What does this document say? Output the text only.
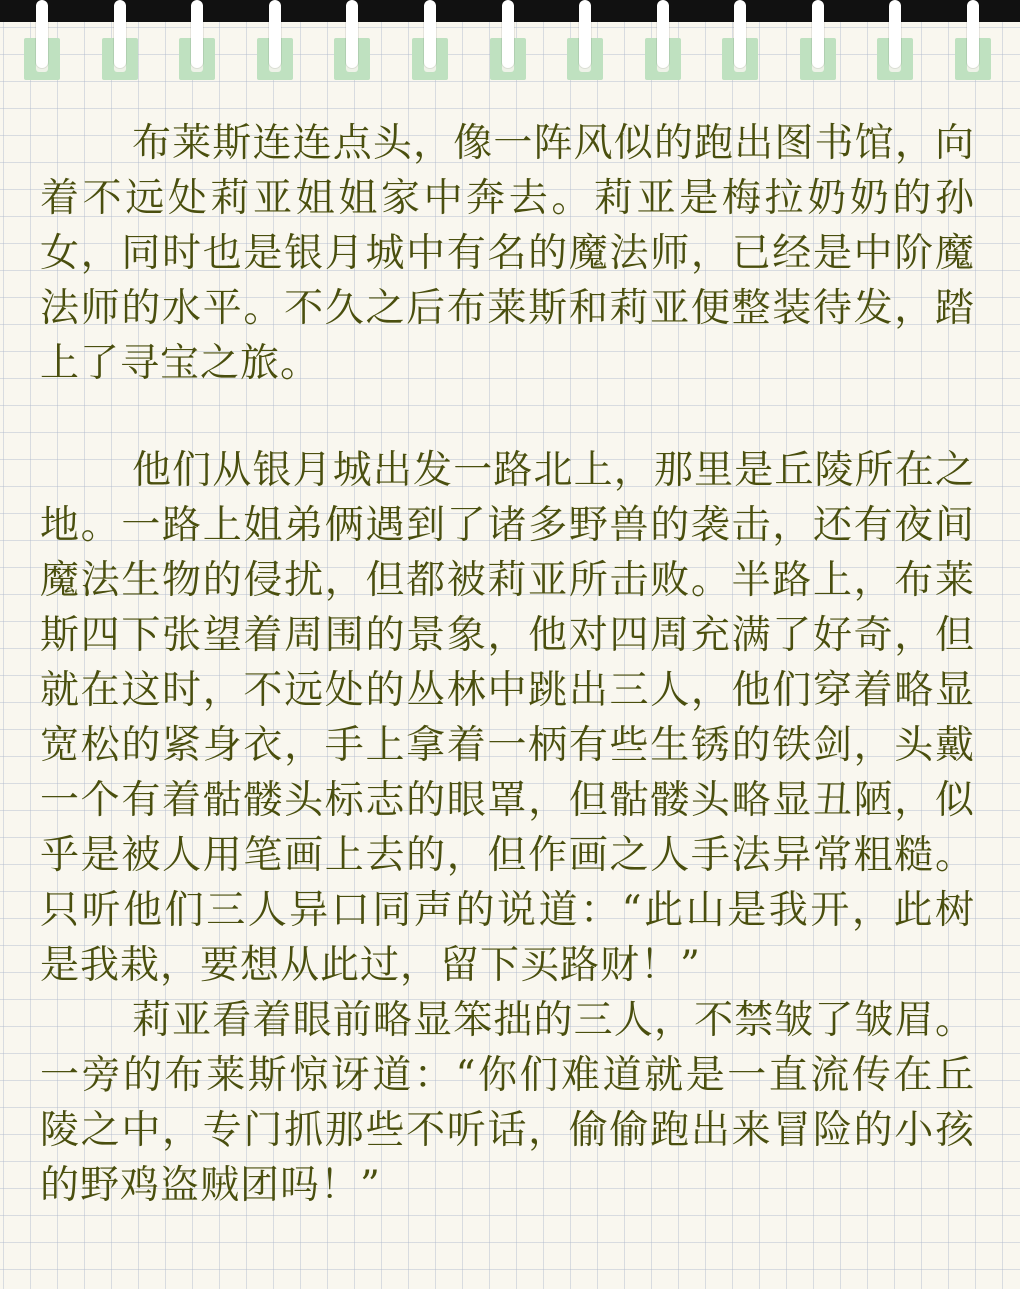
布莱斯连连点头，像一阵风似的跑出图书馆，向着不远处莉亚姐姐家中奔去。莉亚是梅拉奶奶的孙女，同时也是银月城中有名的魔法师，已经是中阶魔法师的水平。不久之后布莱斯和莉亚便整装待发，踏上了寻宝之旅。

他们从银月城出发一路北上，那里是丘陵所在之地。一路上姐弟俩遇到了诸多野兽的袭击，还有夜间魔法生物的侵扰，但都被莉亚所击败。半路上，布莱斯四下张望着周围的景象，他对四周充满了好奇，但就在这时，不远处的丛林中跳出三人，他们穿着略显宽松的紧身衣，手上拿着一柄有些生锈的铁剑，头戴一个有着骷髅头标志的眼罩，但骷髅头略显丑陋，似乎是被人用笔画上去的，但作画之人手法异常粗糙。只听他们三人异口同声的说道：“此山是我开，此树是我栽，要想从此过，留下买路财！”

莉亚看着眼前略显笨拙的三人，不禁皱了皱眉。一旁的布莱斯惊讶道：“你们难道就是一直流传在丘陵之中，专门抓那些不听话，偷偷跑出来冒险的小孩的野鸡盗贼团吗！”
